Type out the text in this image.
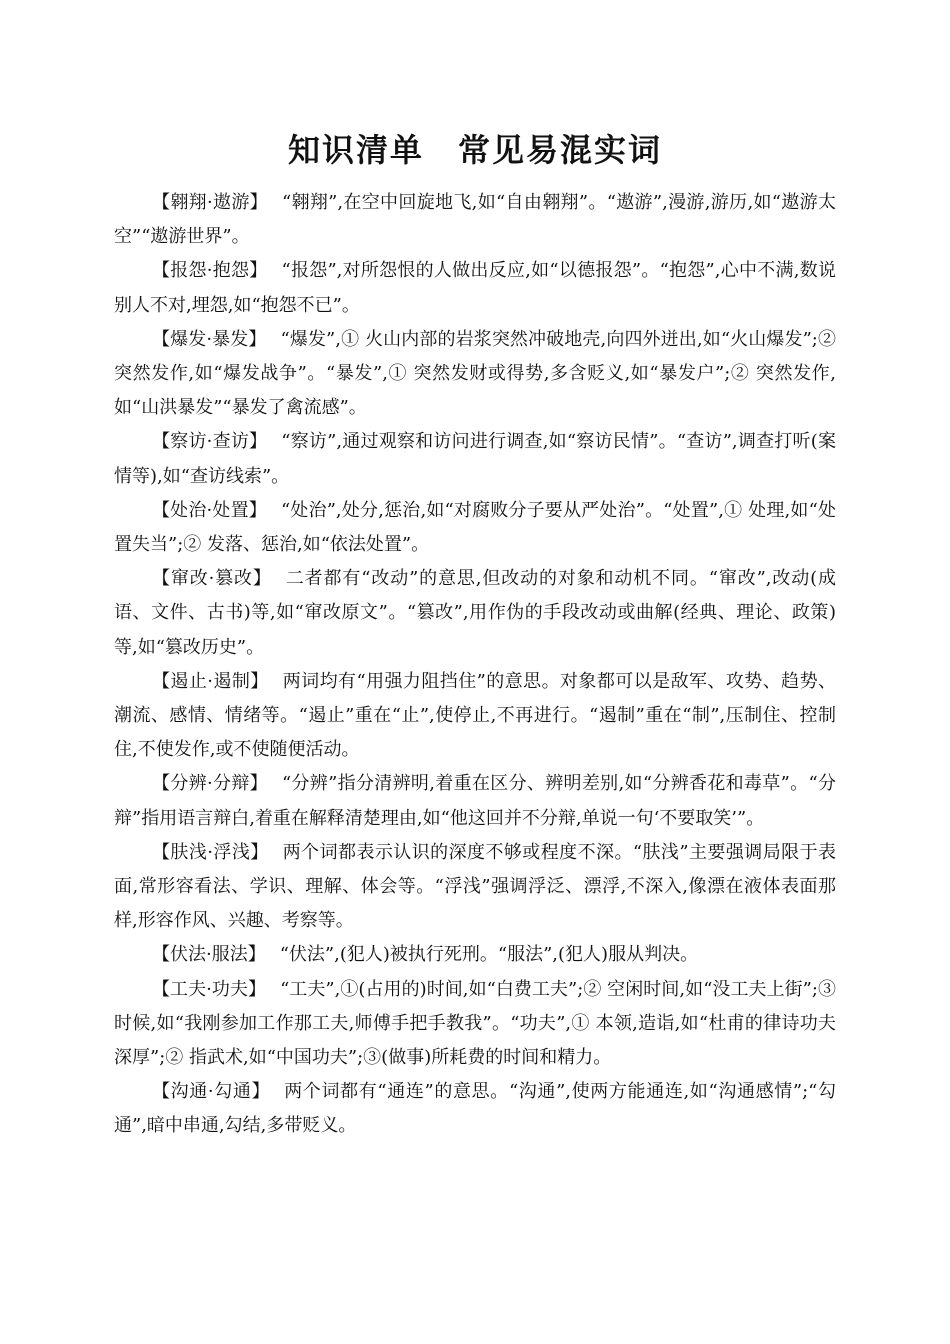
知识清单　常见易混实词

【翱翔·遨游】 “翱翔”,在空中回旋地飞,如“自由翱翔”。“遨游”,漫游,游历,如“遨游太空”“遨游世界”。

【报怨·抱怨】 “报怨”,对所怨恨的人做出反应,如“以德报怨”。“抱怨”,心中不满,数说别人不对,埋怨,如“抱怨不已”。

【爆发·暴发】 “爆发”,① 火山内部的岩浆突然冲破地壳,向四外迸出,如“火山爆发”;② 突然发作,如“爆发战争”。“暴发”,① 突然发财或得势,多含贬义,如“暴发户”;② 突然发作,如“山洪暴发”“暴发了禽流感”。

【察访·查访】 “察访”,通过观察和访问进行调查,如“察访民情”。“查访”,调查打听(案情等),如“查访线索”。

【处治·处置】 “处治”,处分,惩治,如“对腐败分子要从严处治”。“处置”,① 处理,如“处置失当”;② 发落、惩治,如“依法处置”。

【窜改·篡改】 二者都有“改动”的意思,但改动的对象和动机不同。“窜改”,改动(成语、文件、古书)等,如“窜改原文”。“篡改”,用作伪的手段改动或曲解(经典、理论、政策)等,如“篡改历史”。

【遏止·遏制】 两词均有“用强力阻挡住”的意思。对象都可以是敌军、攻势、趋势、潮流、感情、情绪等。“遏止”重在“止”,使停止,不再进行。“遏制”重在“制”,压制住、控制住,不使发作,或不使随便活动。

【分辨·分辩】 “分辨”指分清辨明,着重在区分、辨明差别,如“分辨香花和毒草”。“分辩”指用语言辩白,着重在解释清楚理由,如“他这回并不分辩,单说一句‘不要取笑’”。

【肤浅·浮浅】 两个词都表示认识的深度不够或程度不深。“肤浅”主要强调局限于表面,常形容看法、学识、理解、体会等。“浮浅”强调浮泛、漂浮,不深入,像漂在液体表面那样,形容作风、兴趣、考察等。

【伏法·服法】 “伏法”,(犯人)被执行死刑。“服法”,(犯人)服从判决。

【工夫·功夫】 “工夫”,①(占用的)时间,如“白费工夫”;② 空闲时间,如“没工夫上街”;③ 时候,如“我刚参加工作那工夫,师傅手把手教我”。“功夫”,① 本领,造诣,如“杜甫的律诗功夫深厚”;② 指武术,如“中国功夫”;③(做事)所耗费的时间和精力。

【沟通·勾通】 两个词都有“通连”的意思。“沟通”,使两方能通连,如“沟通感情”;“勾通”,暗中串通,勾结,多带贬义。
